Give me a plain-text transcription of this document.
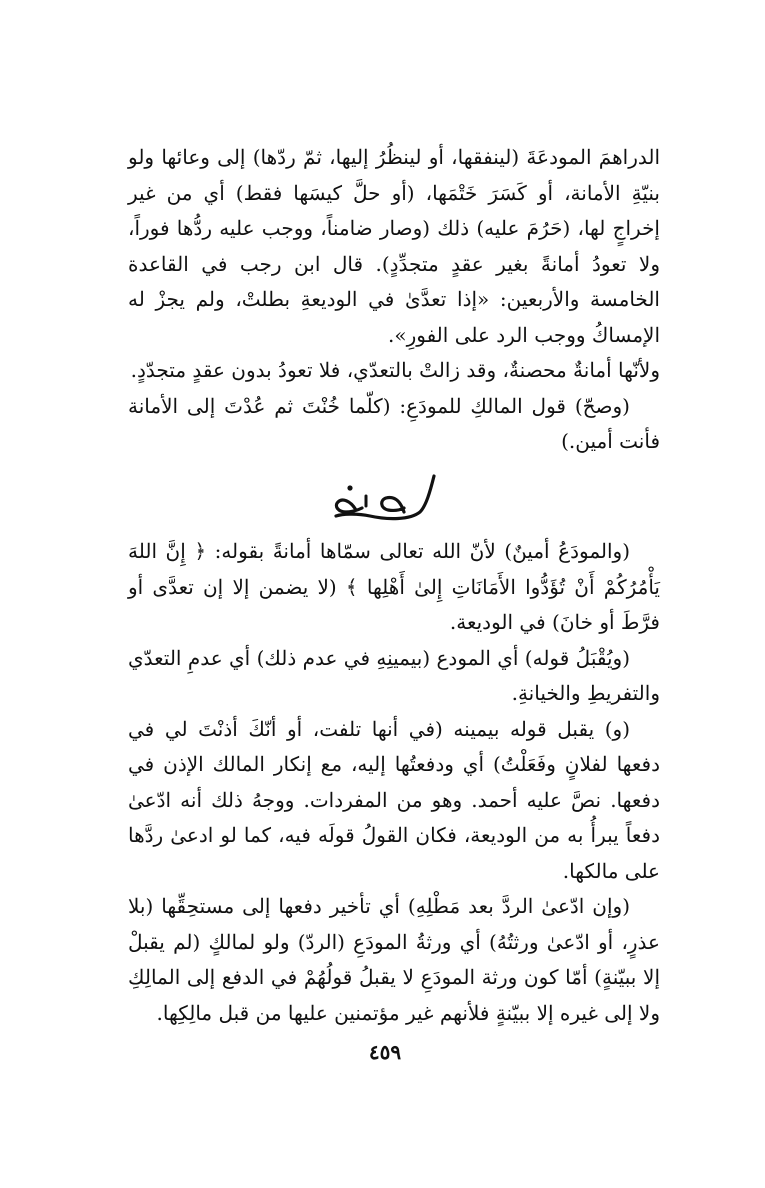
الدراهمَ المودعَةَ (لينفقها، أو لينظُرُ إليها، ثمّ ردّها) إلى وعائها ولو بنيّةِ الأمانة، أو كَسَرَ خَتْمَها، (أو حلَّ كيسَها فقط) أي من غير إخراجٍ لها، (حَرُمَ عليه) ذلك (وصار ضامناً، ووجب عليه ردُّها فوراً، ولا تعودُ أمانةً بغير عقدٍ متجدِّدٍ). قال ابن رجب في القاعدة الخامسة والأربعين: «إذا تعدَّىٰ في الوديعةِ بطلتْ، ولم يجزْ له الإمساكُ ووجب الرد على الفورِ».

ولأنّها أمانةٌ محصنةٌ، وقد زالتْ بالتعدّي، فلا تعودُ بدون عقدٍ متجدّدٍ.

(وصحّ) قول المالكِ للمودَعِ: (كلّما خُنْتَ ثم عُدْتَ إلى الأمانة فأنت أمين.)

(والمودَعُ أمينٌ) لأنّ الله تعالى سمّاها أمانةً بقوله: ﴿ إِنَّ اللهَ يَأْمُرُكُمْ أَنْ تُؤَدُّوا الأَمَانَاتِ إِلىٰ أَهْلِها ﴾ (لا يضمن إلا إن تعدَّى أو فرَّطَ أو خانَ) في الوديعة.

(ويُقْبَلُ قوله) أي المودع (بيمينِهِ في عدم ذلك) أي عدمِ التعدّي والتفريطِ والخيانةِ.

(و) يقبل قوله بيمينه (في أنها تلفت، أو أنّكَ أذنْتَ لي في دفعها لفلانٍ وفَعَلْتُ) أي ودفعتُها إليه، مع إنكار المالك الإذن في دفعها. نصَّ عليه أحمد. وهو من المفردات. ووجهُ ذلك أنه ادّعىٰ دفعاً يبرأُ به من الوديعة، فكان القولُ قولَه فيه، كما لو ادعىٰ ردَّها على مالكها.

(وإن ادّعىٰ الردَّ بعد مَطْلِهِ) أي تأخير دفعها إلى مستحِقِّها (بلا عذرٍ، أو ادّعىٰ ورثتُهُ) أي ورثةُ المودَعِ (الردّ) ولو لمالكٍ (لم يقبلْ إلا ببيّنةٍ) أمّا كون ورثة المودَعِ لا يقبلُ قولُهُمْ في الدفع إلى المالِكِ ولا إلى غيره إلا ببيّنةٍ فلأنهم غير مؤتمنين عليها من قبل مالِكِها.

٤٥٩
